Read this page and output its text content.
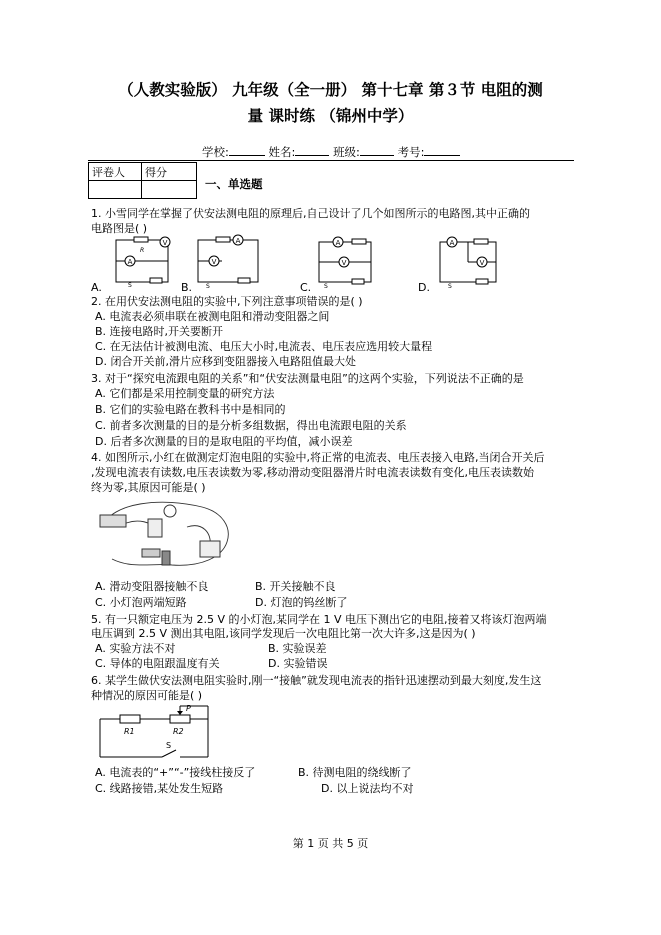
（人教实验版） 九年级（全一册） 第十七章 第３节 电阻的测
量 课时练 （锦州中学）
学校:	姓名:	班级:	考号:
评卷人	得分

一、单选题
1. 小雪同学在掌握了伏安法测电阻的原理后,自己设计了几个如图所示的电路图,其中正确的
电路图是( )
A
V
R
S
A
V
S
A
V
S
A
V
S
A.	B.	C.	D.
2. 在用伏安法测电阻的实验中,下列注意事项错误的是( )
A. 电流表必须串联在被测电阻和滑动变阻器之间
B. 连接电路时,开关要断开
C. 在无法估计被测电流、电压大小时,电流表、电压表应选用较大量程
D. 闭合开关前,滑片应移到变阻器接入电路阻值最大处
3. 对于“探究电流跟电阻的关系”和“伏安法测量电阻”的这两个实验，下列说法不正确的是
A. 它们都是采用控制变量的研究方法
B. 它们的实验电路在教科书中是相同的
C. 前者多次测量的目的是分析多组数据，得出电流跟电阻的关系
D. 后者多次测量的目的是取电阻的平均值，减小误差
4. 如图所示,小红在做测定灯泡电阻的实验中,将正常的电流表、电压表接入电路,当闭合开关后
,发现电流表有读数,电压表读数为零,移动滑动变阻器滑片时电流表读数有变化,电压表读数始
终为零,其原因可能是( )
A. 滑动变阻器接触不良	B. 开关接触不良
C. 小灯泡两端短路	D. 灯泡的钨丝断了
5. 有一只额定电压为 2.5 V 的小灯泡,某同学在 1 V 电压下测出它的电阻,接着又将该灯泡两端
电压调到 2.5 V 测出其电阻,该同学发现后一次电阻比第一次大许多,这是因为( )
A. 实验方法不对	B. 实验误差
C. 导体的电阻跟温度有关	D. 实验错误
6. 某学生做伏安法测电阻实验时,刚一“接触”就发现电流表的指针迅速摆动到最大刻度,发生这
种情况的原因可能是( )
R1	R2
P
S
A. 电流表的“+”“-”接线柱接反了	B. 待测电阻的绕线断了
C. 线路接错,某处发生短路	D. 以上说法均不对
第 1 页 共 5 页
